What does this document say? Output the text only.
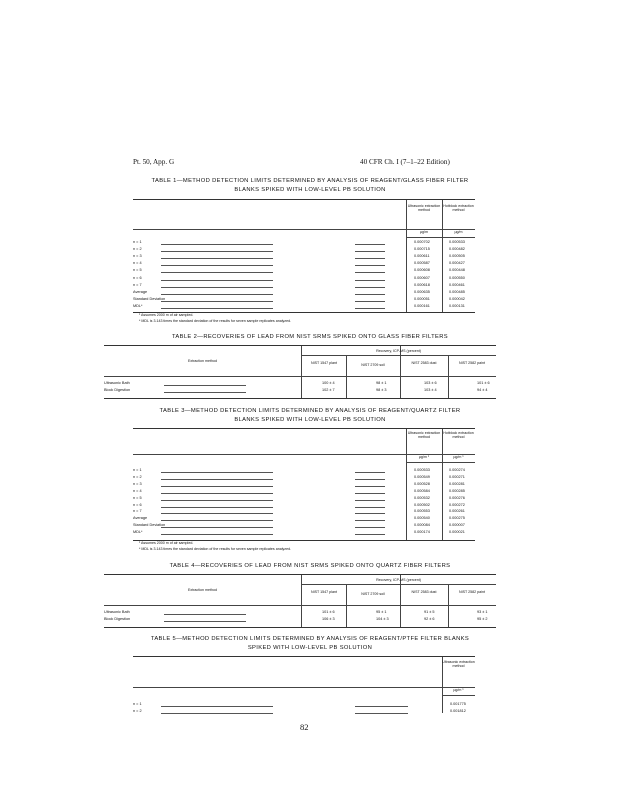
Pt. 50, App. G	40 CFR Ch. I (7–1–22 Edition)
TABLE 1—METHOD DETECTION LIMITS DETERMINED BY ANALYSIS OF REAGENT/GLASS FIBER FILTER
BLANKS SPIKED WITH LOW-LEVEL PB SOLUTION
Ultrasonic extraction method
Hotblock extraction method
µg/m	µg/m
n = 1	0.000702	0.000533
n = 2	0.000715	0.000482
n = 3	0.000611	0.000505
n = 4	0.000587	0.000427
n = 5	0.000608	0.000448
n = 6	0.000607	0.000550
n = 7	0.000618	0.000461
Average	0.000635	0.000485
Standard Deviation	0.000051	0.000042
MDL*	0.000161	0.000131
¹ Assumes 2000 m of air sampled.
* MDL is 3.143 times the standard deviation of the results for seven sample replicates analyzed.
TABLE 2—RECOVERIES OF LEAD FROM NIST SRMS SPIKED ONTO GLASS FIBER FILTERS
Extraction method
Recovery, ICP-MS (percent)
NIST 1547 plant	NIST 2709 soil	NIST 2583 dust	NIST 2582 paint
Ultrasonic Bath	100 ± 4	98 ± 1	103 ± 6	101 ± 6
Block Digestion	102 ± 7	98 ± 3	103 ± 4	94 ± 4
TABLE 3—METHOD DETECTION LIMITS DETERMINED BY ANALYSIS OF REAGENT/QUARTZ FILTER
BLANKS SPIKED WITH LOW-LEVEL PB SOLUTION
Ultrasonic extraction method
Hotblock extraction method
µg/m ¹	µg/m ¹
n = 1	0.000533	0.000274
n = 2	0.000549	0.000271
n = 3	0.000528	0.000281
n = 4	0.000584	0.000285
n = 5	0.000532	0.000276
n = 6	0.000502	0.000272
n = 7	0.000553	0.000261
Average	0.000540	0.000275
Standard Deviation	0.000084	0.000007
MDL*	0.000174	0.000021
¹ Assumes 2000 m of air sampled.
* MDL is 3.143 times the standard deviation of the results for seven sample replicates analyzed.
TABLE 4—RECOVERIES OF LEAD FROM NIST SRMS SPIKED ONTO QUARTZ FIBER FILTERS
Extraction method
Recovery, ICP-MS (percent)
NIST 1547 plant	NIST 2709 soil	NIST 2583 dust	NIST 2582 paint
Ultrasonic Bath	101 ± 6	95 ± 1	91 ± 5	93 ± 1
Block Digestion	106 ± 3	104 ± 3	92 ± 6	95 ± 2
TABLE 5—METHOD DETECTION LIMITS DETERMINED BY ANALYSIS OF REAGENT/PTFE FILTER BLANKS
SPIKED WITH LOW-LEVEL PB SOLUTION
Ultrasonic extraction method
µg/m ¹
n = 1	0.001775
n = 2	0.001812
82
